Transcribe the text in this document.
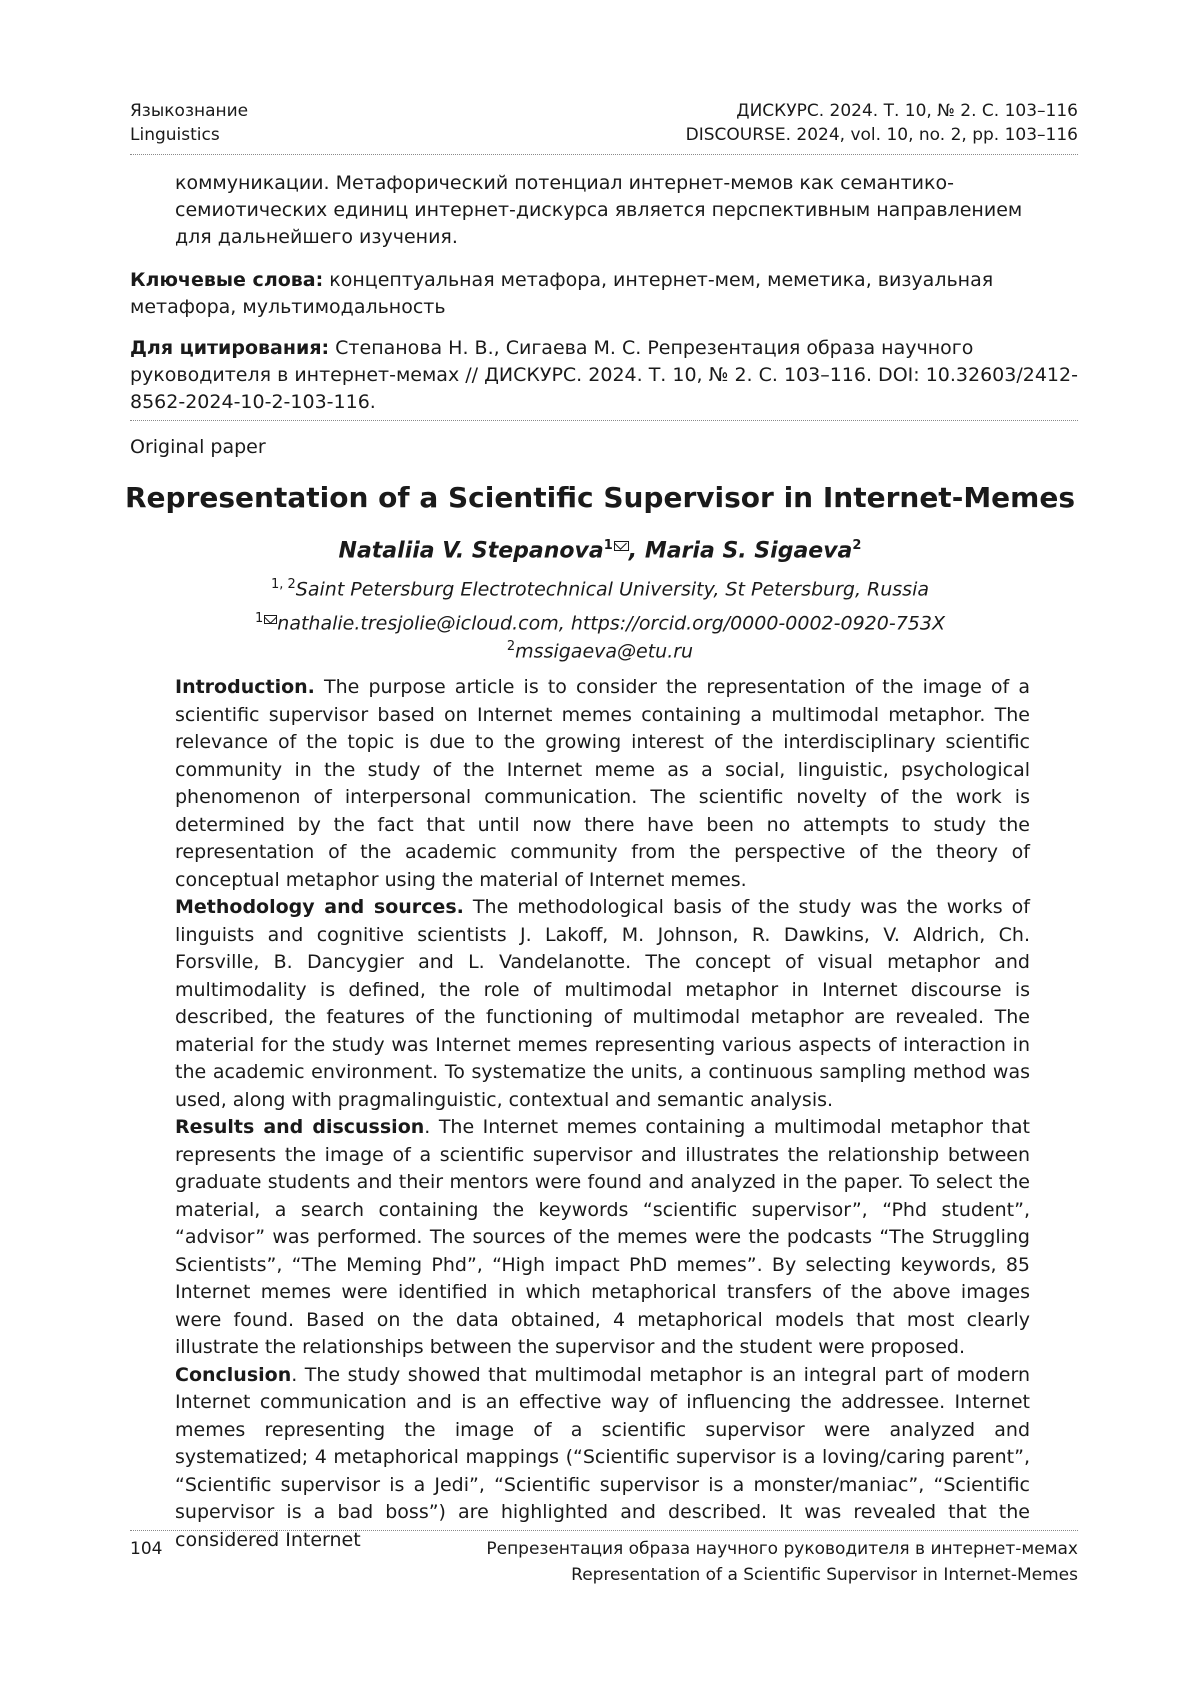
Языкознание
Linguistics
ДИСКУРС. 2024. Т. 10, № 2. С. 103–116
DISCOURSE. 2024, vol. 10, no. 2, pp. 103–116
коммуникации. Метафорический потенциал интернет-мемов как семантико-семиотических единиц интернет-дискурса является перспективным направлением для дальнейшего изучения.
Ключевые слова: концептуальная метафора, интернет-мем, меметика, визуальная метафора, мультимодальность
Для цитирования: Степанова Н. В., Сигаева М. С. Репрезентация образа научного руководителя в интернет-мемах // ДИСКУРС. 2024. Т. 10, № 2. С. 103–116. DOI: 10.32603/2412-8562-2024-10-2-103-116.
Original paper
Representation of a Scientific Supervisor in Internet-Memes
Nataliia V. Stepanova$^1$ , Maria S. Sigaeva$^2$
$^{1, 2}$Saint Petersburg Electrotechnical University, St Petersburg, Russia
$^1$ nathalie.tresjolie@icloud.com, https://orcid.org/0000-0002-0920-753X
$^2$mssigaeva@etu.ru

Introduction. The purpose article is to consider the representation of the image of a scientific supervisor based on Internet memes containing a multimodal metaphor. The relevance of the topic is due to the growing interest of the interdisciplinary scientific community in the study of the Internet meme as a social, linguistic, psychological phenomenon of interpersonal communication. The scientific novelty of the work is determined by the fact that until now there have been no attempts to study the representation of the academic community from the perspective of the theory of conceptual metaphor using the material of Internet memes.

Methodology and sources. The methodological basis of the study was the works of linguists and cognitive scientists J. Lakoff, M. Johnson, R. Dawkins, V. Aldrich, Ch. Forsville, B. Dancygier and L. Vandelanotte. The concept of visual metaphor and multimodality is defined, the role of multimodal metaphor in Internet discourse is described, the features of the functioning of multimodal metaphor are revealed. The material for the study was Internet memes representing various aspects of interaction in the academic environment. To systematize the units, a continuous sampling method was used, along with pragmalinguistic, contextual and semantic analysis.

Results and discussion. The Internet memes containing a multimodal metaphor that represents the image of a scientific supervisor and illustrates the relationship between graduate students and their mentors were found and analyzed in the paper. To select the material, a search containing the keywords “scientific supervisor”, “Phd student”, “advisor” was performed. The sources of the memes were the podcasts “The Struggling Scientists”, “The Meming Phd”, “High impact PhD memes”. By selecting keywords, 85 Internet memes were identified in which metaphorical transfers of the above images were found. Based on the data obtained, 4 metaphorical models that most clearly illustrate the relationships between the supervisor and the student were proposed.

Conclusion. The study showed that multimodal metaphor is an integral part of modern Internet communication and is an effective way of influencing the addressee. Internet memes representing the image of a scientific supervisor were analyzed and systematized; 4 metaphorical mappings (“Scientific supervisor is a loving/caring parent”, “Scientific supervisor is a Jedi”, “Scientific supervisor is a monster/maniac”, “Scientific supervisor is a bad boss”) are highlighted and described. It was revealed that the considered Internet

104	Репрезентация образа научного руководителя в интернет-мемах
Representation of a Scientific Supervisor in Internet-Memes
